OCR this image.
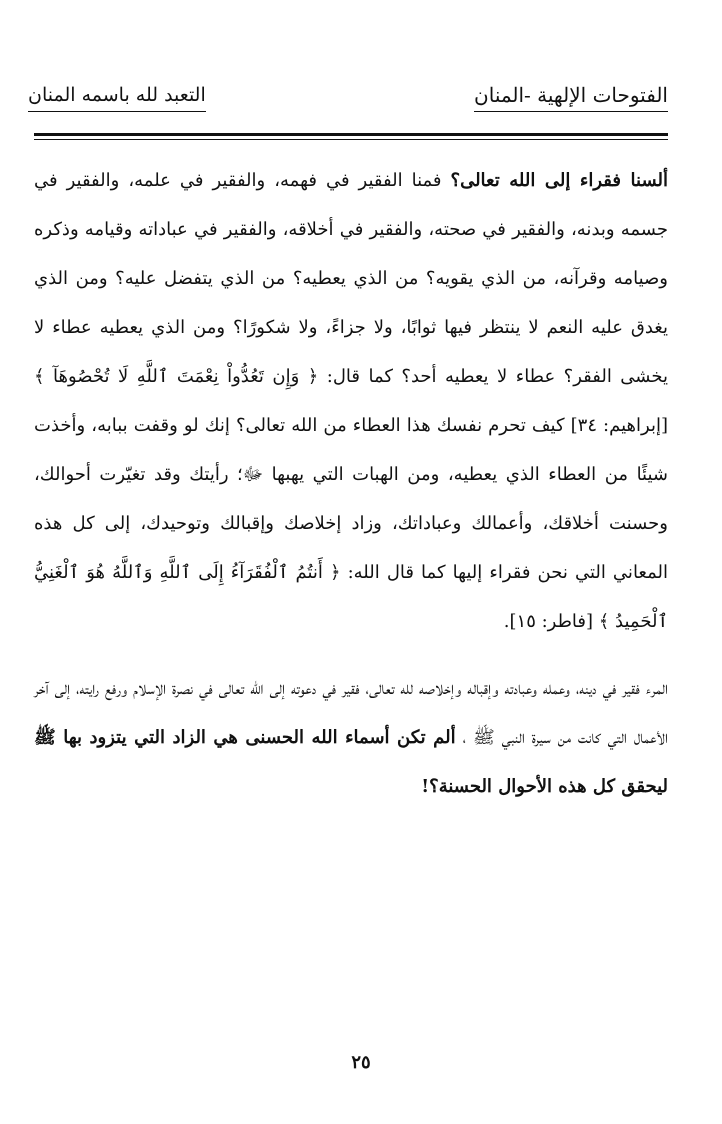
الفتوحات الإلهية -المنان
التعبد لله باسمه المنان

ألسنا فقراء إلى الله تعالى؟ فمنا الفقير في فهمه، والفقير في علمه، والفقير في جسمه وبدنه، والفقير في صحته، والفقير في أخلاقه، والفقير في عباداته وقيامه وذكره وصيامه وقرآنه، من الذي يقويه؟ من الذي يعطيه؟ من الذي يتفضل عليه؟ ومن الذي يغدق عليه النعم لا ينتظر فيها ثوابًا، ولا جزاءً، ولا شكورًا؟ ومن الذي يعطيه عطاء لا يخشى الفقر؟ عطاء لا يعطيه أحد؟ كما قال: ﴿ وَإِن تَعُدُّواْ نِعْمَتَ ٱللَّهِ لَا تُحْصُوهَآ ﴾ [إبراهيم: ٣٤] كيف تحرم نفسك هذا العطاء من الله تعالى؟ إنك لو وقفت ببابه، وأخذت شيئًا من العطاء الذي يعطيه، ومن الهبات التي يهبها ﷻ؛ رأيتك وقد تغيّرت أحوالك، وحسنت أخلاقك، وأعمالك وعباداتك، وزاد إخلاصك وإقبالك وتوحيدك، إلى كل هذه المعاني التي نحن فقراء إليها كما قال الله: ﴿ أَنتُمُ ٱلْفُقَرَآءُ إِلَى ٱللَّهِ وَٱللَّهُ هُوَ ٱلْغَنِيُّ ٱلْحَمِيدُ ﴾ [فاطر: ١٥].

المرء فقير في دينه، وعمله وعبادته وإقباله وإخلاصه لله تعالى، فقير في دعوته إلى الله تعالى في نصرة الإسلام ورفع رايته، إلى آخر الأعمال التي كانت من سيرة النبي ﷺ ، ألم تكن أسماء الله الحسنى هي الزاد التي يتزود بها ﷺ ليحقق كل هذه الأحوال الحسنة؟!

٢٥
